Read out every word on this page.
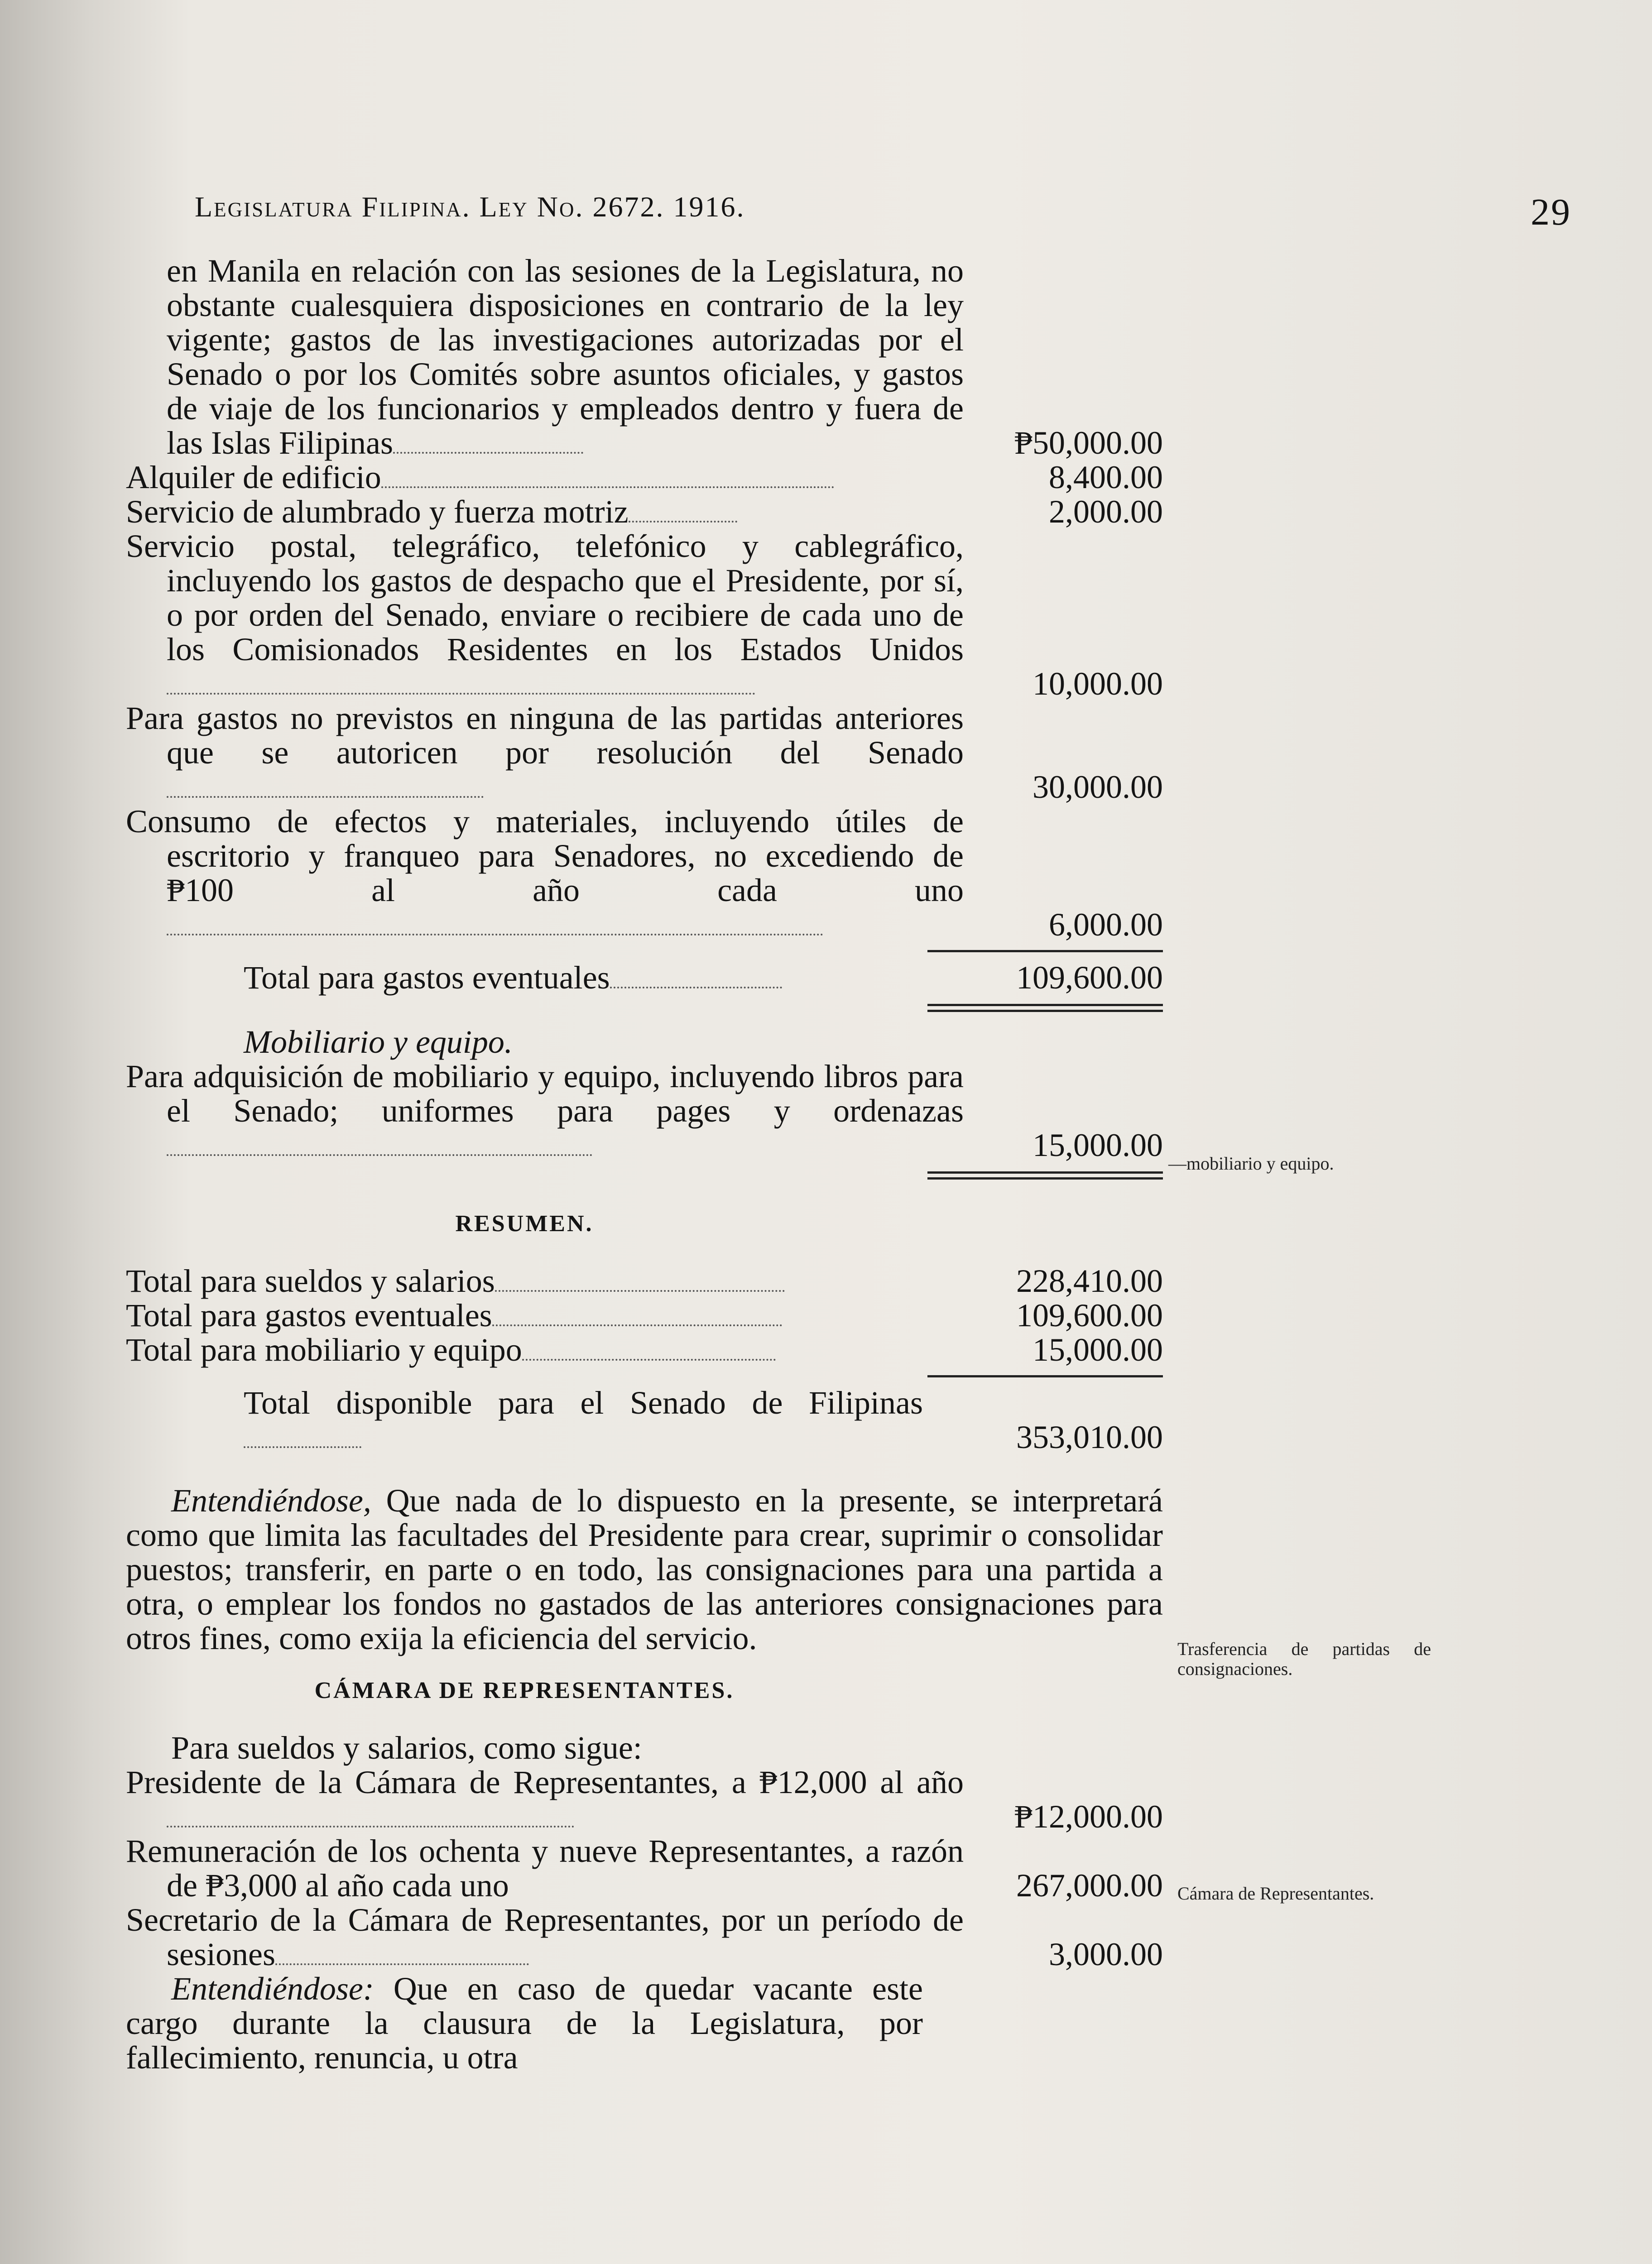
Legislatura Filipina. Ley No. 2672. 1916.	29
en Manila en relación con las sesiones de la Legislatura, no obstante cualesquiera disposiciones en contrario de la ley vigente; gastos de las investigaciones autorizadas por el Senado o por los Comités sobre asuntos oficiales, y gastos de viaje de los funcionarios y empleados dentro y fuera de las Islas Filipinas	₱50,000.00
Alquiler de edificio	8,400.00
Servicio de alumbrado y fuerza motriz	2,000.00
Servicio postal, telegráfico, telefónico y cablegráfico, incluyendo los gastos de despacho que el Presidente, por sí, o por orden del Senado, enviare o recibiere de cada uno de los Comisionados Residentes en los Estados Unidos
10,000.00
Para gastos no previstos en ninguna de las partidas anteriores que se autoricen por resolución del Senado
30,000.00
Consumo de efectos y materiales, incluyendo útiles de escritorio y franqueo para Senadores, no excediendo de ₱100 al año cada uno
6,000.00
Total para gastos eventuales	109,600.00
Mobiliario y equipo.
Para adquisición de mobiliario y equipo, incluyendo libros para el Senado; uniformes para pages y ordenazas
15,000.00
RESUMEN.
Total para sueldos y salarios	228,410.00
Total para gastos eventuales	109,600.00
Total para mobiliario y equipo	15,000.00
Total disponible para el Senado de Filipinas
353,010.00
Entendiéndose, Que nada de lo dispuesto en la presente, se interpretará como que limita las facultades del Presidente para crear, suprimir o consolidar puestos; transferir, en parte o en todo, las consignaciones para una partida a otra, o emplear los fondos no gastados de las anteriores consignaciones para otros fines, como exija la eficiencia del servicio.
CÁMARA DE REPRESENTANTES.
Para sueldos y salarios, como sigue:
Presidente de la Cámara de Representantes, a ₱12,000 al año
₱12,000.00
Remuneración de los ochenta y nueve Representantes, a razón de ₱3,000 al año cada uno	267,000.00
Secretario de la Cámara de Representantes, por un período de sesiones	3,000.00
Entendiéndose: Que en caso de quedar vacante este cargo durante la clausura de la Legislatura, por fallecimiento, renuncia, u otra
—mobiliario y equipo.
Trasferencia de partidas de consignaciones.
Cámara de Representantes.
